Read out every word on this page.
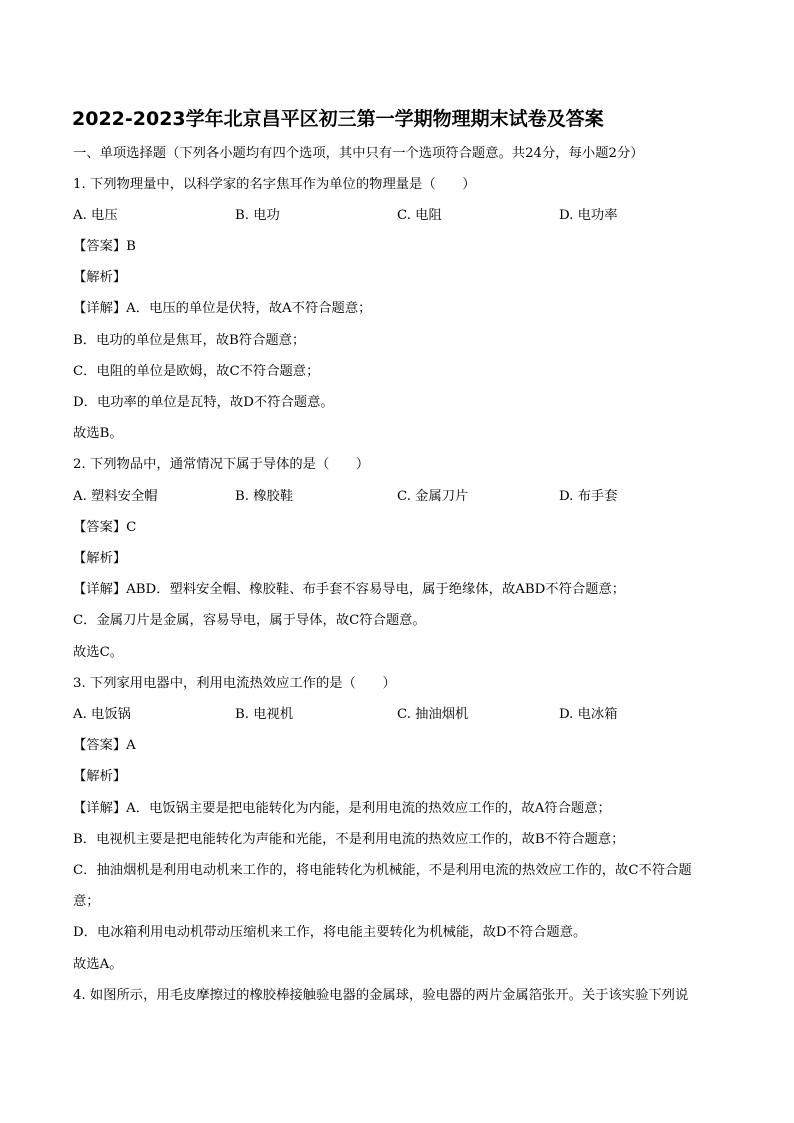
2022-2023学年北京昌平区初三第一学期物理期末试卷及答案
一、单项选择题（下列各小题均有四个选项，其中只有一个选项符合题意。共24分，每小题2分）
1. 下列物理量中，以科学家的名字焦耳作为单位的物理量是（　　）
A. 电压	B. 电功	C. 电阻	D. 电功率
【答案】B
【解析】
【详解】A．电压的单位是伏特，故A不符合题意；
B．电功的单位是焦耳，故B符合题意；
C．电阻的单位是欧姆，故C不符合题意；
D．电功率的单位是瓦特，故D不符合题意。
故选B。
2. 下列物品中，通常情况下属于导体的是（　　）
A. 塑料安全帽	B. 橡胶鞋	C. 金属刀片	D. 布手套
【答案】C
【解析】
【详解】ABD．塑料安全帽、橡胶鞋、布手套不容易导电，属于绝缘体，故ABD不符合题意；
C．金属刀片是金属，容易导电，属于导体，故C符合题意。
故选C。
3. 下列家用电器中，利用电流热效应工作的是（　　）
A. 电饭锅	B. 电视机	C. 抽油烟机	D. 电冰箱
【答案】A
【解析】
【详解】A．电饭锅主要是把电能转化为内能，是利用电流的热效应工作的，故A符合题意；
B．电视机主要是把电能转化为声能和光能，不是利用电流的热效应工作的，故B不符合题意；
C．抽油烟机是利用电动机来工作的，将电能转化为机械能，不是利用电流的热效应工作的，故C不符合题
意；
D．电冰箱利用电动机带动压缩机来工作，将电能主要转化为机械能，故D不符合题意。
故选A。
4. 如图所示，用毛皮摩擦过的橡胶棒接触验电器的金属球，验电器的两片金属箔张开。关于该实验下列说
